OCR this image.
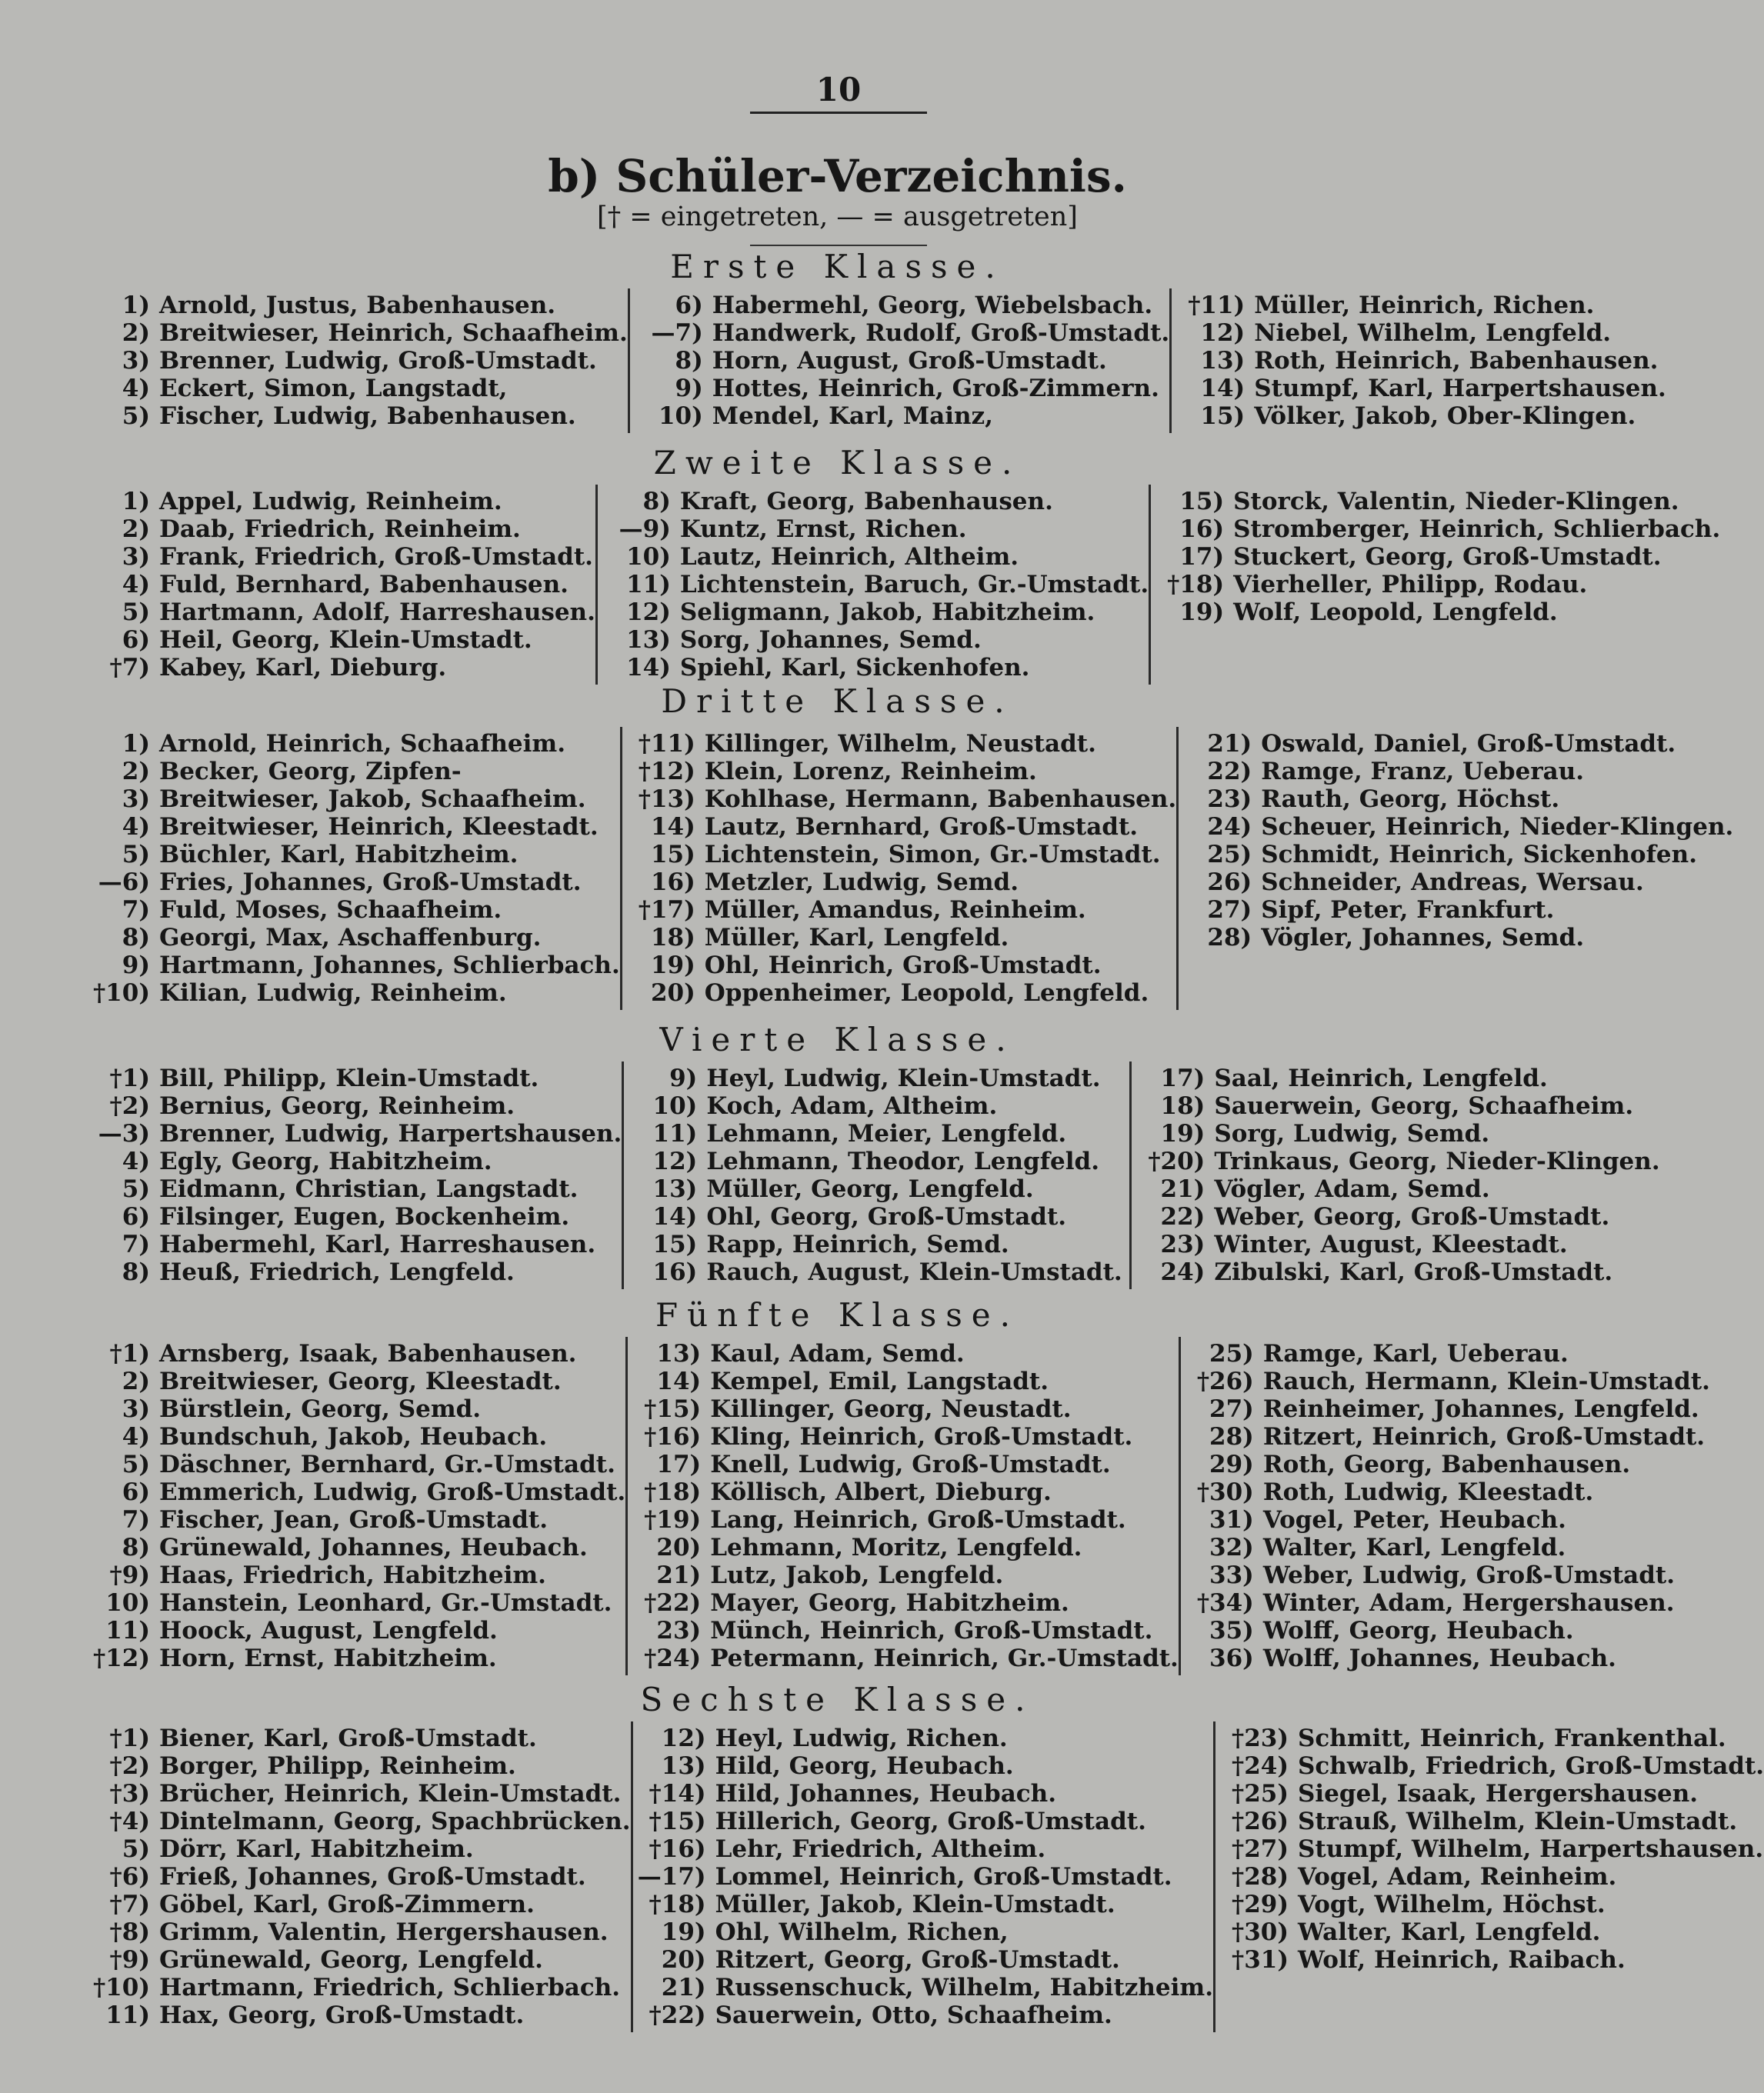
10
b) Schüler-Verzeichnis.
[† = eingetreten, — = ausgetreten]
Erste Klasse.
1) Arnold, Justus, Babenhausen.
2) Breitwieser, Heinrich, Schaafheim.
3) Brenner, Ludwig, Groß-Umstadt.
4) Eckert, Simon, Langstadt,
5) Fischer, Ludwig, Babenhausen.
6) Habermehl, Georg, Wiebelsbach.
—7) Handwerk, Rudolf, Groß-Umstadt.
8) Horn, August, Groß-Umstadt.
9) Hottes, Heinrich, Groß-Zimmern.
10) Mendel, Karl, Mainz,
†11) Müller, Heinrich, Richen.
12) Niebel, Wilhelm, Lengfeld.
13) Roth, Heinrich, Babenhausen.
14) Stumpf, Karl, Harpertshausen.
15) Völker, Jakob, Ober-Klingen.
Zweite Klasse.
1) Appel, Ludwig, Reinheim.
2) Daab, Friedrich, Reinheim.
3) Frank, Friedrich, Groß-Umstadt.
4) Fuld, Bernhard, Babenhausen.
5) Hartmann, Adolf, Harreshausen.
6) Heil, Georg, Klein-Umstadt.
†7) Kabey, Karl, Dieburg.
8) Kraft, Georg, Babenhausen.
—9) Kuntz, Ernst, Richen.
10) Lautz, Heinrich, Altheim.
11) Lichtenstein, Baruch, Gr.-Umstadt.
12) Seligmann, Jakob, Habitzheim.
13) Sorg, Johannes, Semd.
14) Spiehl, Karl, Sickenhofen.
15) Storck, Valentin, Nieder-Klingen.
16) Stromberger, Heinrich, Schlierbach.
17) Stuckert, Georg, Groß-Umstadt.
†18) Vierheller, Philipp, Rodau.
19) Wolf, Leopold, Lengfeld.
Dritte Klasse.
1) Arnold, Heinrich, Schaafheim.
2) Becker, Georg, Zipfen-
3) Breitwieser, Jakob, Schaafheim.
4) Breitwieser, Heinrich, Kleestadt.
5) Büchler, Karl, Habitzheim.
—6) Fries, Johannes, Groß-Umstadt.
7) Fuld, Moses, Schaafheim.
8) Georgi, Max, Aschaffenburg.
9) Hartmann, Johannes, Schlierbach.
†10) Kilian, Ludwig, Reinheim.
†11) Killinger, Wilhelm, Neustadt.
†12) Klein, Lorenz, Reinheim.
†13) Kohlhase, Hermann, Babenhausen.
14) Lautz, Bernhard, Groß-Umstadt.
15) Lichtenstein, Simon, Gr.-Umstadt.
16) Metzler, Ludwig, Semd.
†17) Müller, Amandus, Reinheim.
18) Müller, Karl, Lengfeld.
19) Ohl, Heinrich, Groß-Umstadt.
20) Oppenheimer, Leopold, Lengfeld.
21) Oswald, Daniel, Groß-Umstadt.
22) Ramge, Franz, Ueberau.
23) Rauth, Georg, Höchst.
24) Scheuer, Heinrich, Nieder-Klingen.
25) Schmidt, Heinrich, Sickenhofen.
26) Schneider, Andreas, Wersau.
27) Sipf, Peter, Frankfurt.
28) Vögler, Johannes, Semd.
Vierte Klasse.
†1) Bill, Philipp, Klein-Umstadt.
†2) Bernius, Georg, Reinheim.
—3) Brenner, Ludwig, Harpertshausen.
4) Egly, Georg, Habitzheim.
5) Eidmann, Christian, Langstadt.
6) Filsinger, Eugen, Bockenheim.
7) Habermehl, Karl, Harreshausen.
8) Heuß, Friedrich, Lengfeld.
9) Heyl, Ludwig, Klein-Umstadt.
10) Koch, Adam, Altheim.
11) Lehmann, Meier, Lengfeld.
12) Lehmann, Theodor, Lengfeld.
13) Müller, Georg, Lengfeld.
14) Ohl, Georg, Groß-Umstadt.
15) Rapp, Heinrich, Semd.
16) Rauch, August, Klein-Umstadt.
17) Saal, Heinrich, Lengfeld.
18) Sauerwein, Georg, Schaafheim.
19) Sorg, Ludwig, Semd.
†20) Trinkaus, Georg, Nieder-Klingen.
21) Vögler, Adam, Semd.
22) Weber, Georg, Groß-Umstadt.
23) Winter, August, Kleestadt.
24) Zibulski, Karl, Groß-Umstadt.
Fünfte Klasse.
†1) Arnsberg, Isaak, Babenhausen.
2) Breitwieser, Georg, Kleestadt.
3) Bürstlein, Georg, Semd.
4) Bundschuh, Jakob, Heubach.
5) Däschner, Bernhard, Gr.-Umstadt.
6) Emmerich, Ludwig, Groß-Umstadt.
7) Fischer, Jean, Groß-Umstadt.
8) Grünewald, Johannes, Heubach.
†9) Haas, Friedrich, Habitzheim.
10) Hanstein, Leonhard, Gr.-Umstadt.
11) Hoock, August, Lengfeld.
†12) Horn, Ernst, Habitzheim.
13) Kaul, Adam, Semd.
14) Kempel, Emil, Langstadt.
†15) Killinger, Georg, Neustadt.
†16) Kling, Heinrich, Groß-Umstadt.
17) Knell, Ludwig, Groß-Umstadt.
†18) Köllisch, Albert, Dieburg.
†19) Lang, Heinrich, Groß-Umstadt.
20) Lehmann, Moritz, Lengfeld.
21) Lutz, Jakob, Lengfeld.
†22) Mayer, Georg, Habitzheim.
23) Münch, Heinrich, Groß-Umstadt.
†24) Petermann, Heinrich, Gr.-Umstadt.
25) Ramge, Karl, Ueberau.
†26) Rauch, Hermann, Klein-Umstadt.
27) Reinheimer, Johannes, Lengfeld.
28) Ritzert, Heinrich, Groß-Umstadt.
29) Roth, Georg, Babenhausen.
†30) Roth, Ludwig, Kleestadt.
31) Vogel, Peter, Heubach.
32) Walter, Karl, Lengfeld.
33) Weber, Ludwig, Groß-Umstadt.
†34) Winter, Adam, Hergershausen.
35) Wolff, Georg, Heubach.
36) Wolff, Johannes, Heubach.
Sechste Klasse.
†1) Biener, Karl, Groß-Umstadt.
†2) Borger, Philipp, Reinheim.
†3) Brücher, Heinrich, Klein-Umstadt.
†4) Dintelmann, Georg, Spachbrücken.
5) Dörr, Karl, Habitzheim.
†6) Frieß, Johannes, Groß-Umstadt.
†7) Göbel, Karl, Groß-Zimmern.
†8) Grimm, Valentin, Hergershausen.
†9) Grünewald, Georg, Lengfeld.
†10) Hartmann, Friedrich, Schlierbach.
11) Hax, Georg, Groß-Umstadt.
12) Heyl, Ludwig, Richen.
13) Hild, Georg, Heubach.
†14) Hild, Johannes, Heubach.
†15) Hillerich, Georg, Groß-Umstadt.
†16) Lehr, Friedrich, Altheim.
—17) Lommel, Heinrich, Groß-Umstadt.
†18) Müller, Jakob, Klein-Umstadt.
19) Ohl, Wilhelm, Richen,
20) Ritzert, Georg, Groß-Umstadt.
21) Russenschuck, Wilhelm, Habitzheim.
†22) Sauerwein, Otto, Schaafheim.
†23) Schmitt, Heinrich, Frankenthal.
†24) Schwalb, Friedrich, Groß-Umstadt.
†25) Siegel, Isaak, Hergershausen.
†26) Strauß, Wilhelm, Klein-Umstadt.
†27) Stumpf, Wilhelm, Harpertshausen.
†28) Vogel, Adam, Reinheim.
†29) Vogt, Wilhelm, Höchst.
†30) Walter, Karl, Lengfeld.
†31) Wolf, Heinrich, Raibach.
